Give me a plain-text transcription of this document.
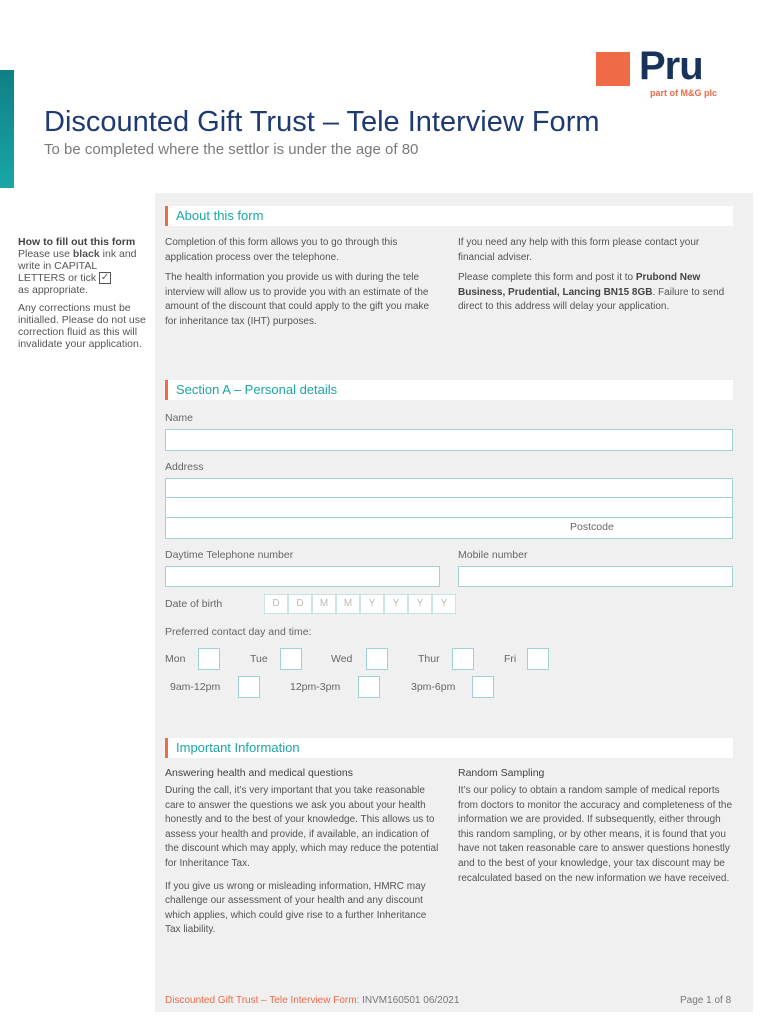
Pru
part of M&G plc
Discounted Gift Trust – Tele Interview Form
To be completed where the settlor is under the age of 80

How to fill out this form
Please use black ink and write in CAPITAL LETTERS or tick ✓
as appropriate.

Any corrections must be initialled. Please do not use correction fluid as this will invalidate your application.

About this form

Completion of this form allows you to go through this application process over the telephone.

The health information you provide us with during the tele interview will allow us to provide you with an estimate of the amount of the discount that could apply to the gift you make for inheritance tax (IHT) purposes.

If you need any help with this form please contact your financial adviser.

Please complete this form and post it to Prubond New Business, Prudential, Lancing BN15 8GB. Failure to send direct to this address will delay your application.

Section A – Personal details
Name
Address
Postcode
Daytime Telephone number	Mobile number
Date of birth	D	D	M	M	Y	Y	Y	Y
Preferred contact day and time:
Mon	Tue	Wed	Thur	Fri
9am-12pm	12pm-3pm	3pm-6pm
Important Information
Answering health and medical questions

During the call, it’s very important that you take reasonable care to answer the questions we ask you about your health honestly and to the best of your knowledge. This allows us to assess your health and provide, if available, an indication of the discount which may apply, which may reduce the potential for Inheritance Tax.

If you give us wrong or misleading information, HMRC may challenge our assessment of your health and any discount which applies, which could give rise to a further Inheritance Tax liability.

Random Sampling
It’s our policy to obtain a random sample of medical reports from doctors to monitor the accuracy and completeness of the information we are provided. If subsequently, either through this random sampling, or by other means, it is found that you have not taken reasonable care to answer questions honestly and to the best of your knowledge, your tax discount may be recalculated based on the new information we have received.
Discounted Gift Trust – Tele Interview Form: INVM160501 06/2021	Page 1 of 8
